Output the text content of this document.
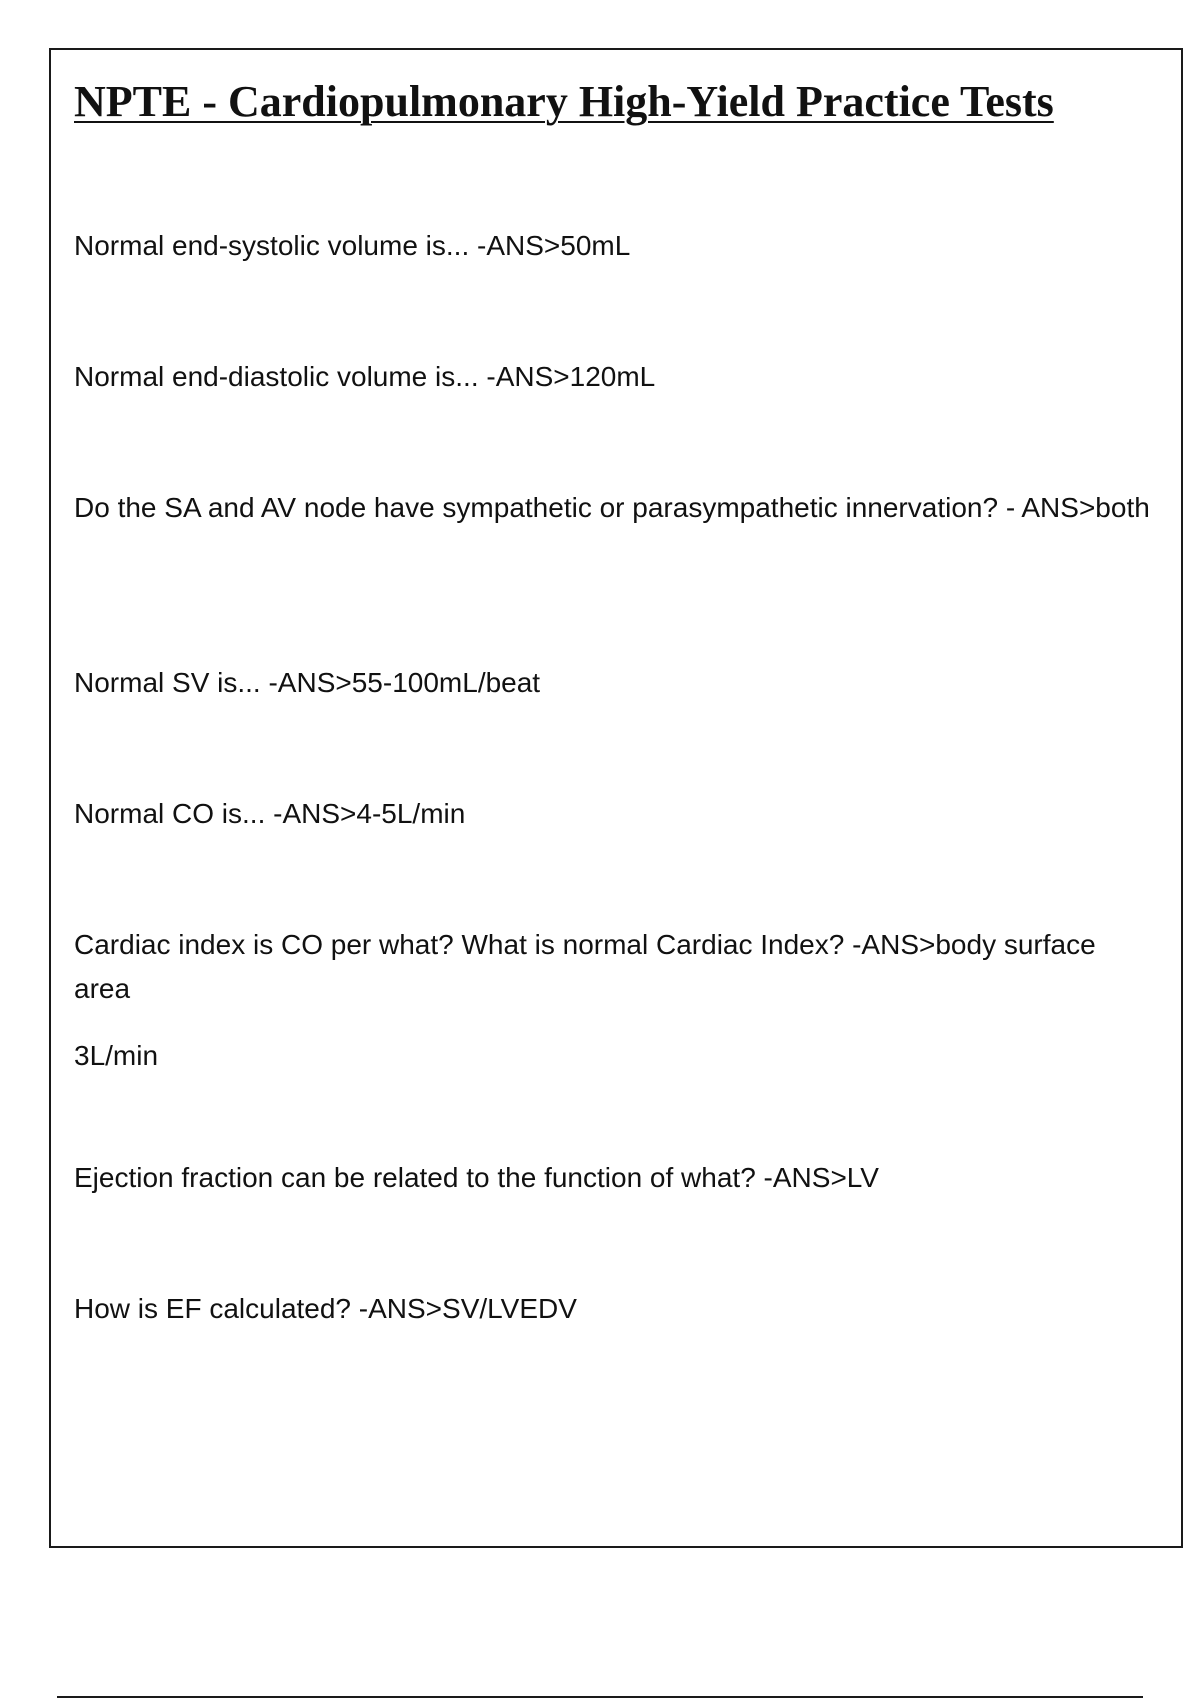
NPTE - Cardiopulmonary High-Yield Practice Tests

Normal end-systolic volume is... -ANS>50mL

Normal end-diastolic volume is... -ANS>120mL

Do the SA and AV node have sympathetic or parasympathetic innervation? - ANS>both

Normal SV is... -ANS>55-100mL/beat

Normal CO is... -ANS>4-5L/min

Cardiac index is CO per what? What is normal Cardiac Index? -ANS>body surface area

3L/min

Ejection fraction can be related to the function of what? -ANS>LV

How is EF calculated? -ANS>SV/LVEDV
